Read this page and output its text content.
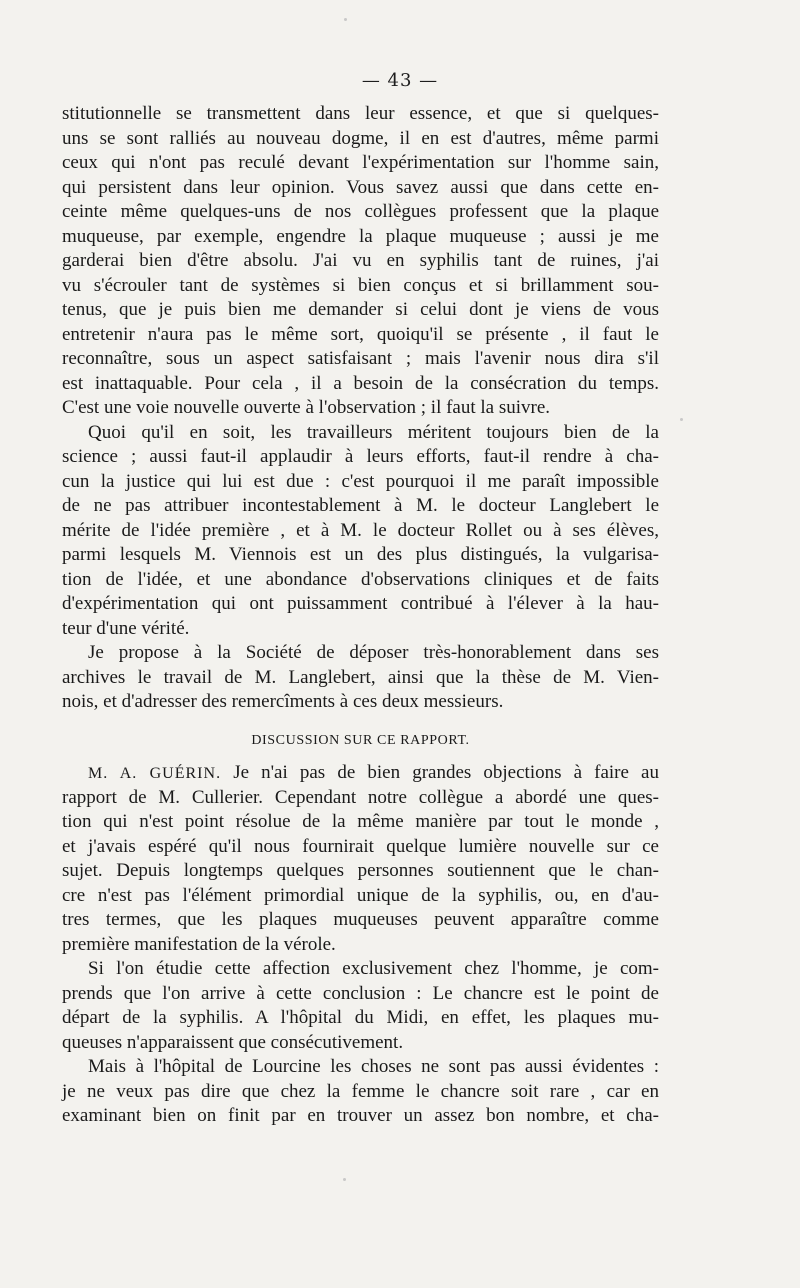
— 43 —
stitutionnelle se transmettent dans leur essence, et que si quelques-
uns se sont ralliés au nouveau dogme, il en est d'autres, même parmi
ceux qui n'ont pas reculé devant l'expérimentation sur l'homme sain,
qui persistent dans leur opinion. Vous savez aussi que dans cette en-
ceinte même quelques-uns de nos collègues professent que la plaque
muqueuse, par exemple, engendre la plaque muqueuse ; aussi je me
garderai bien d'être absolu. J'ai vu en syphilis tant de ruines, j'ai
vu s'écrouler tant de systèmes si bien conçus et si brillamment sou-
tenus, que je puis bien me demander si celui dont je viens de vous
entretenir n'aura pas le même sort, quoiqu'il se présente , il faut le
reconnaître, sous un aspect satisfaisant ; mais l'avenir nous dira s'il
est inattaquable. Pour cela , il a besoin de la consécration du temps.
C'est une voie nouvelle ouverte à l'observation ; il faut la suivre.
Quoi qu'il en soit, les travailleurs méritent toujours bien de la
science ; aussi faut-il applaudir à leurs efforts, faut-il rendre à cha-
cun la justice qui lui est due : c'est pourquoi il me paraît impossible
de ne pas attribuer incontestablement à M. le docteur Langlebert le
mérite de l'idée première , et à M. le docteur Rollet ou à ses élèves,
parmi lesquels M. Viennois est un des plus distingués, la vulgarisa-
tion de l'idée, et une abondance d'observations cliniques et de faits
d'expérimentation qui ont puissamment contribué à l'élever à la hau-
teur d'une vérité.
Je propose à la Société de déposer très-honorablement dans ses
archives le travail de M. Langlebert, ainsi que la thèse de M. Vien-
nois, et d'adresser des remercîments à ces deux messieurs.
DISCUSSION SUR CE RAPPORT.
M. A. GUÉRIN. Je n'ai pas de bien grandes objections à faire au
rapport de M. Cullerier. Cependant notre collègue a abordé une ques-
tion qui n'est point résolue de la même manière par tout le monde ,
et j'avais espéré qu'il nous fournirait quelque lumière nouvelle sur ce
sujet. Depuis longtemps quelques personnes soutiennent que le chan-
cre n'est pas l'élément primordial unique de la syphilis, ou, en d'au-
tres termes, que les plaques muqueuses peuvent apparaître comme
première manifestation de la vérole.
Si l'on étudie cette affection exclusivement chez l'homme, je com-
prends que l'on arrive à cette conclusion : Le chancre est le point de
départ de la syphilis. A l'hôpital du Midi, en effet, les plaques mu-
queuses n'apparaissent que consécutivement.
Mais à l'hôpital de Lourcine les choses ne sont pas aussi évidentes :
je ne veux pas dire que chez la femme le chancre soit rare , car en
examinant bien on finit par en trouver un assez bon nombre, et cha-
